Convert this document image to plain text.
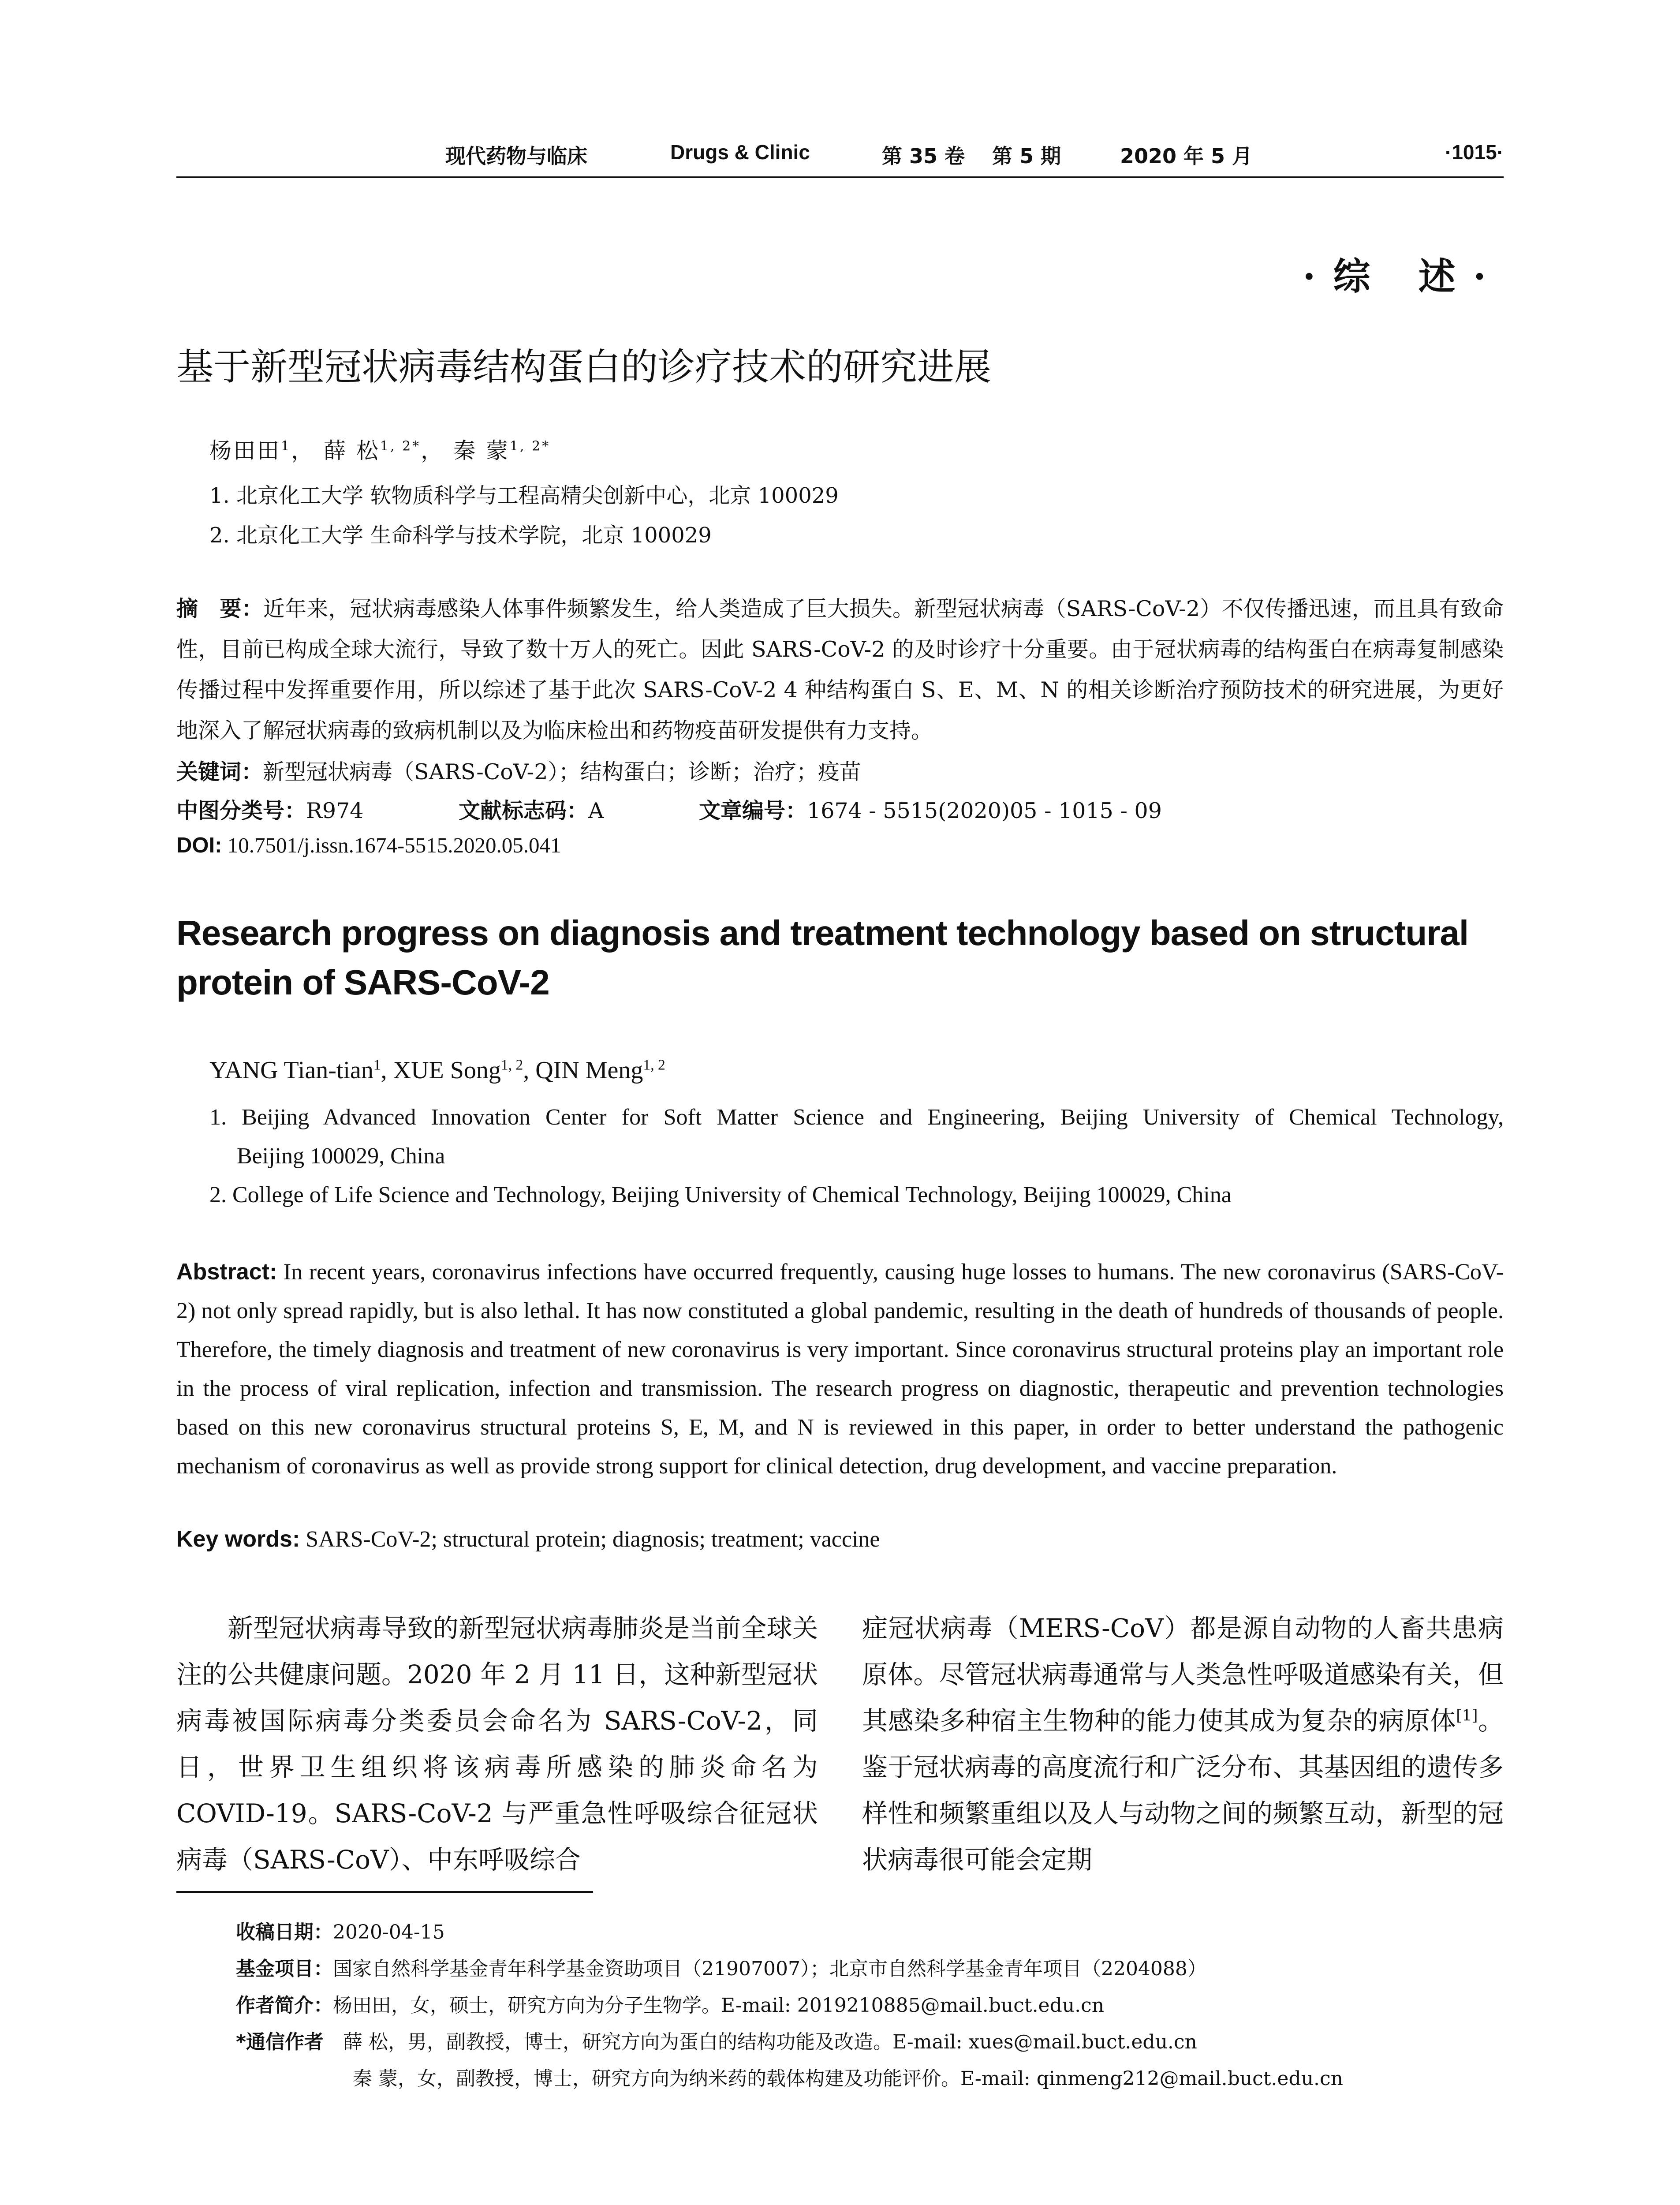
现代药物与临床	Drugs & Clinic	第 35 卷 第 5 期	2020 年 5 月	·1015·
·综 述·
基于新型冠状病毒结构蛋白的诊疗技术的研究进展
杨田田$^1$， 薛 松$^{1, 2*}$， 秦 蒙$^{1, 2*}$
1. 北京化工大学 软物质科学与工程高精尖创新中心，北京 100029
2. 北京化工大学 生命科学与技术学院，北京 100029
摘　要：近年来，冠状病毒感染人体事件频繁发生，给人类造成了巨大损失。新型冠状病毒（SARS-CoV-2）不仅传播迅速，而且具有致命性，目前已构成全球大流行，导致了数十万人的死亡。因此 SARS-CoV-2 的及时诊疗十分重要。由于冠状病毒的结构蛋白在病毒复制感染传播过程中发挥重要作用，所以综述了基于此次 SARS-CoV-2 4 种结构蛋白 S、E、M、N 的相关诊断治疗预防技术的研究进展，为更好地深入了解冠状病毒的致病机制以及为临床检出和药物疫苗研发提供有力支持。
关键词：新型冠状病毒（SARS-CoV-2）；结构蛋白；诊断；治疗；疫苗
中图分类号：R974	文献标志码：A	文章编号：1674 - 5515(2020)05 - 1015 - 09
DOI: 10.7501/j.issn.1674-5515.2020.05.041
Research progress on diagnosis and treatment technology based on structural protein of SARS-CoV-2
YANG Tian-tian$^1$, XUE Song$^{1, 2}$, QIN Meng$^{1, 2}$
1. Beijing Advanced Innovation Center for Soft Matter Science and Engineering, Beijing University of Chemical Technology,
Beijing 100029, China
2. College of Life Science and Technology, Beijing University of Chemical Technology, Beijing 100029, China
Abstract: In recent years, coronavirus infections have occurred frequently, causing huge losses to humans. The new coronavirus (SARS-CoV-2) not only spread rapidly, but is also lethal. It has now constituted a global pandemic, resulting in the death of hundreds of thousands of people. Therefore, the timely diagnosis and treatment of new coronavirus is very important. Since coronavirus structural proteins play an important role in the process of viral replication, infection and transmission. The research progress on diagnostic, therapeutic and prevention technologies based on this new coronavirus structural proteins S, E, M, and N is reviewed in this paper, in order to better understand the pathogenic mechanism of coronavirus as well as provide strong support for clinical detection, drug development, and vaccine preparation.
Key words: SARS-CoV-2; structural protein; diagnosis; treatment; vaccine
新型冠状病毒导致的新型冠状病毒肺炎是当前全球关注的公共健康问题。2020 年 2 月 11 日，这种新型冠状病毒被国际病毒分类委员会命名为 SARS-CoV-2，同日，世界卫生组织将该病毒所感染的肺炎命名为 COVID-19。SARS-CoV-2 与严重急性呼吸综合征冠状病毒（SARS-CoV）、中东呼吸综合
症冠状病毒（MERS-CoV）都是源自动物的人畜共患病原体。尽管冠状病毒通常与人类急性呼吸道感染有关，但其感染多种宿主生物种的能力使其成为复杂的病原体[1]。鉴于冠状病毒的高度流行和广泛分布、其基因组的遗传多样性和频繁重组以及人与动物之间的频繁互动，新型的冠状病毒很可能会定期
收稿日期：2020-04-15
基金项目：国家自然科学基金青年科学基金资助项目（21907007）；北京市自然科学基金青年项目（2204088）
作者简介：杨田田，女，硕士，研究方向为分子生物学。E-mail: 2019210885@mail.buct.edu.cn
*通信作者　 薛 松，男，副教授，博士，研究方向为蛋白的结构功能及改造。E-mail: xues@mail.buct.edu.cn
秦 蒙，女，副教授，博士，研究方向为纳米药的载体构建及功能评价。E-mail: qinmeng212@mail.buct.edu.cn
